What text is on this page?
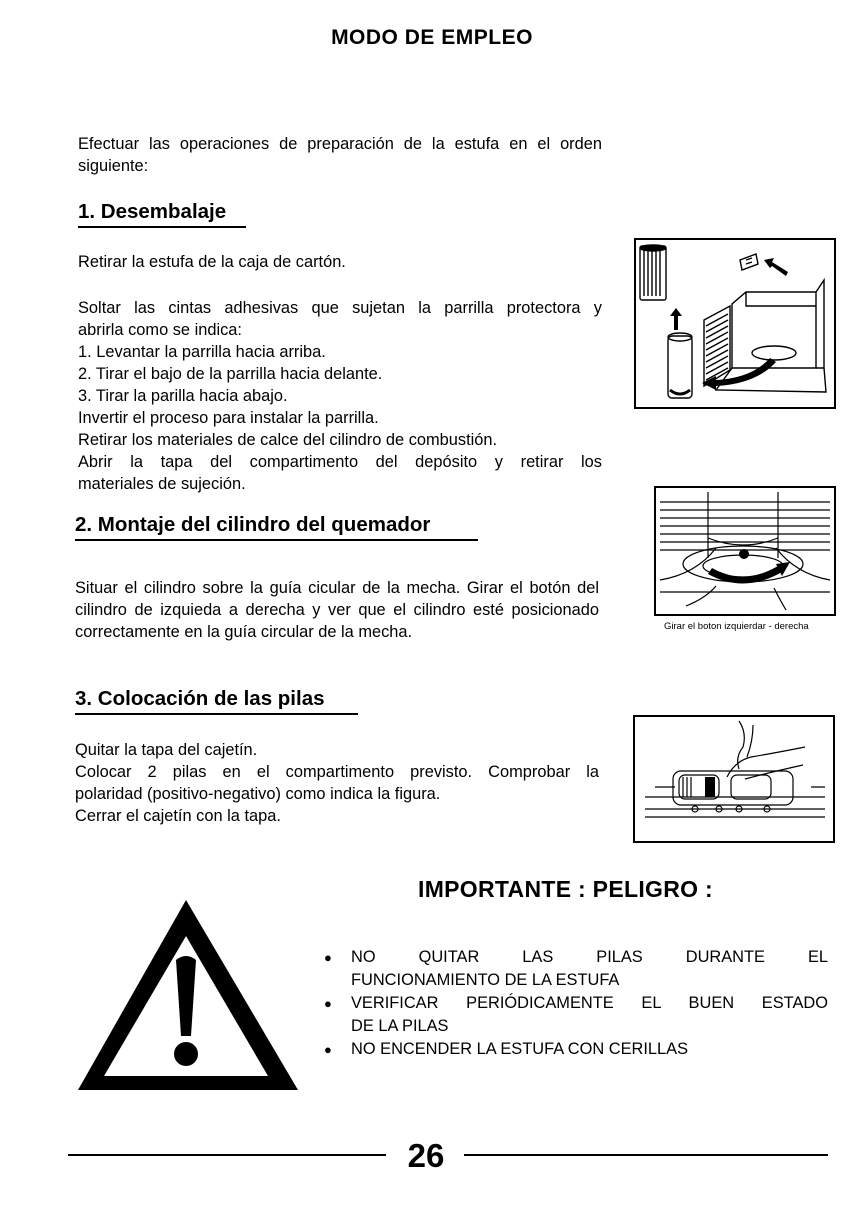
MODO DE EMPLEO
Efectuar las operaciones de preparación de la estufa en el orden siguiente:
1. Desembalaje
Retirar la estufa de la caja de cartón.
Soltar las cintas adhesivas que sujetan la parrilla protectora y
abrirla como se indica:
1. Levantar la parrilla hacia arriba.
2. Tirar el bajo de la parrilla hacia delante.
3. Tirar la parilla hacia abajo.
Invertir el proceso para instalar la parrilla.
Retirar los materiales de calce del cilindro de combustión.
Abrir la tapa del compartimento del depósito y retirar los
materiales de sujeción.
2. Montaje del cilindro del quemador
Situar el cilindro sobre la guía cicular de la mecha. Girar el botón del cilindro de izquieda a derecha y ver que el cilindro esté posicionado correctamente en la guía circular de la mecha.	Girar el boton izquierdar - derecha
3. Colocación de las pilas
Quitar la tapa del cajetín.
Colocar 2 pilas en el compartimento previsto. Comprobar la
polaridad (positivo-negativo) como indica la figura.
Cerrar el cajetín con la tapa.
IMPORTANTE : PELIGRO :
● NO QUITAR LAS PILAS DURANTE EL
FUNCIONAMIENTO DE LA ESTUFA
● VERIFICAR PERIÓDICAMENTE EL BUEN ESTADO
DE LA PILAS
● NO ENCENDER LA ESTUFA CON CERILLAS
26
